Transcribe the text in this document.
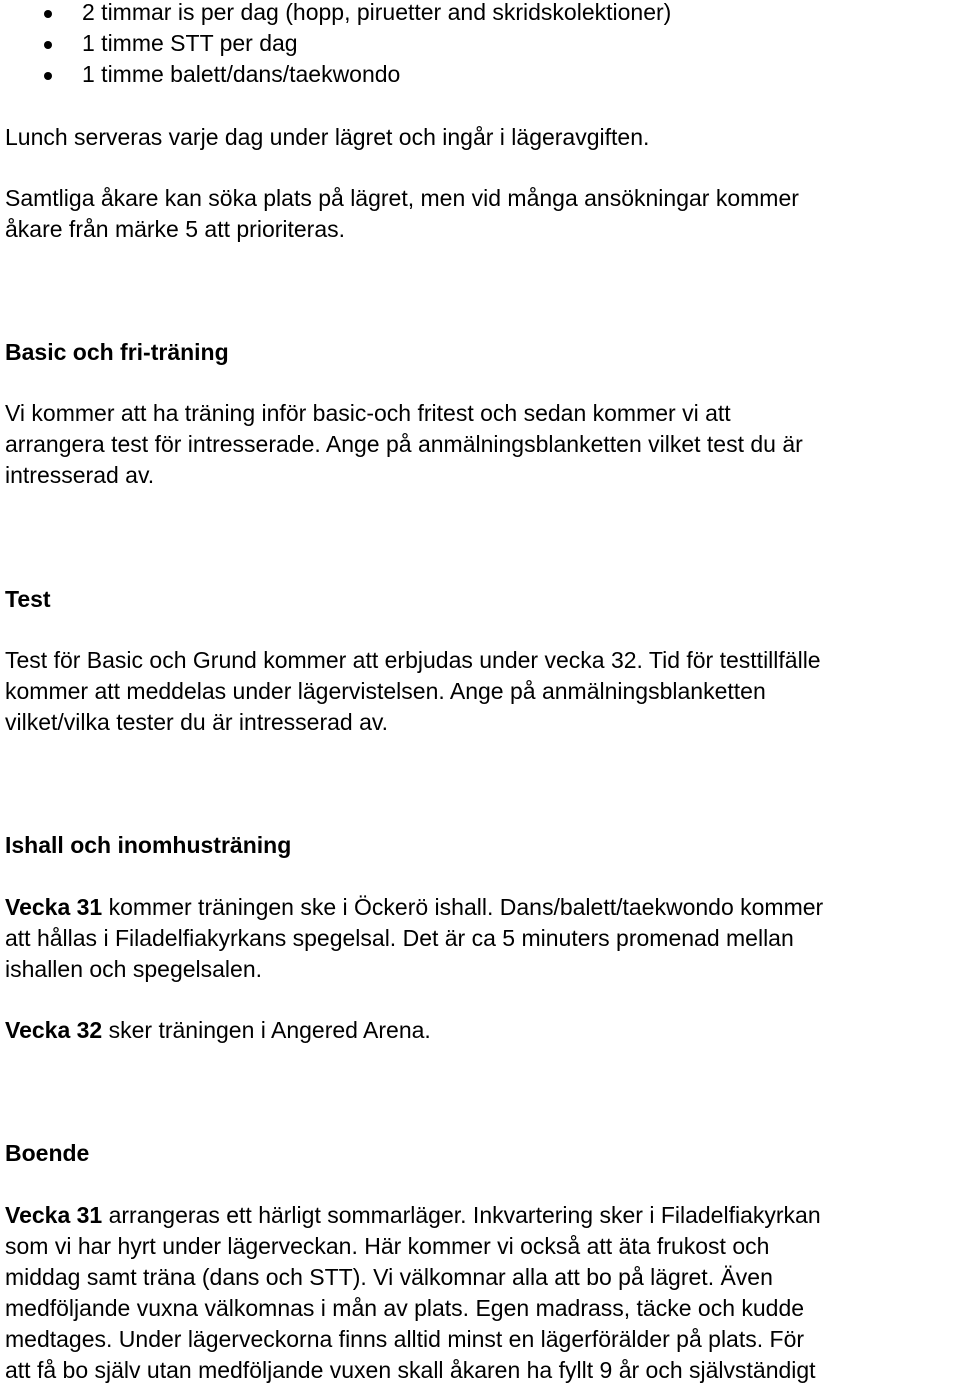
2 timmar is per dag (hopp, piruetter and skridskolektioner)
1 timme STT per dag
1 timme balett/dans/taekwondo
Lunch serveras varje dag under lägret och ingår i lägeravgiften.
Samtliga åkare kan söka plats på lägret, men vid många ansökningar kommer
åkare från märke 5 att prioriteras.
Basic och fri-träning
Vi kommer att ha träning inför basic-och fritest och sedan kommer vi att
arrangera test för intresserade. Ange på anmälningsblanketten vilket test du är
intresserad av.
Test
Test för Basic och Grund kommer att erbjudas under vecka 32. Tid för testtillfälle
kommer att meddelas under lägervistelsen. Ange på anmälningsblanketten
vilket/vilka tester du är intresserad av.
Ishall och inomhusträning
Vecka 31 kommer träningen ske i Öckerö ishall. Dans/balett/taekwondo kommer
att hållas i Filadelfiakyrkans spegelsal. Det är ca 5 minuters promenad mellan
ishallen och spegelsalen.
Vecka 32 sker träningen i Angered Arena.
Boende
Vecka 31 arrangeras ett härligt sommarläger. Inkvartering sker i Filadelfiakyrkan
som vi har hyrt under lägerveckan. Här kommer vi också att äta frukost och
middag samt träna (dans och STT). Vi välkomnar alla att bo på lägret. Även
medföljande vuxna välkomnas i mån av plats. Egen madrass, täcke och kudde
medtages. Under lägerveckorna finns alltid minst en lägerförälder på plats. För
att få bo själv utan medföljande vuxen skall åkaren ha fyllt 9 år och självständigt
